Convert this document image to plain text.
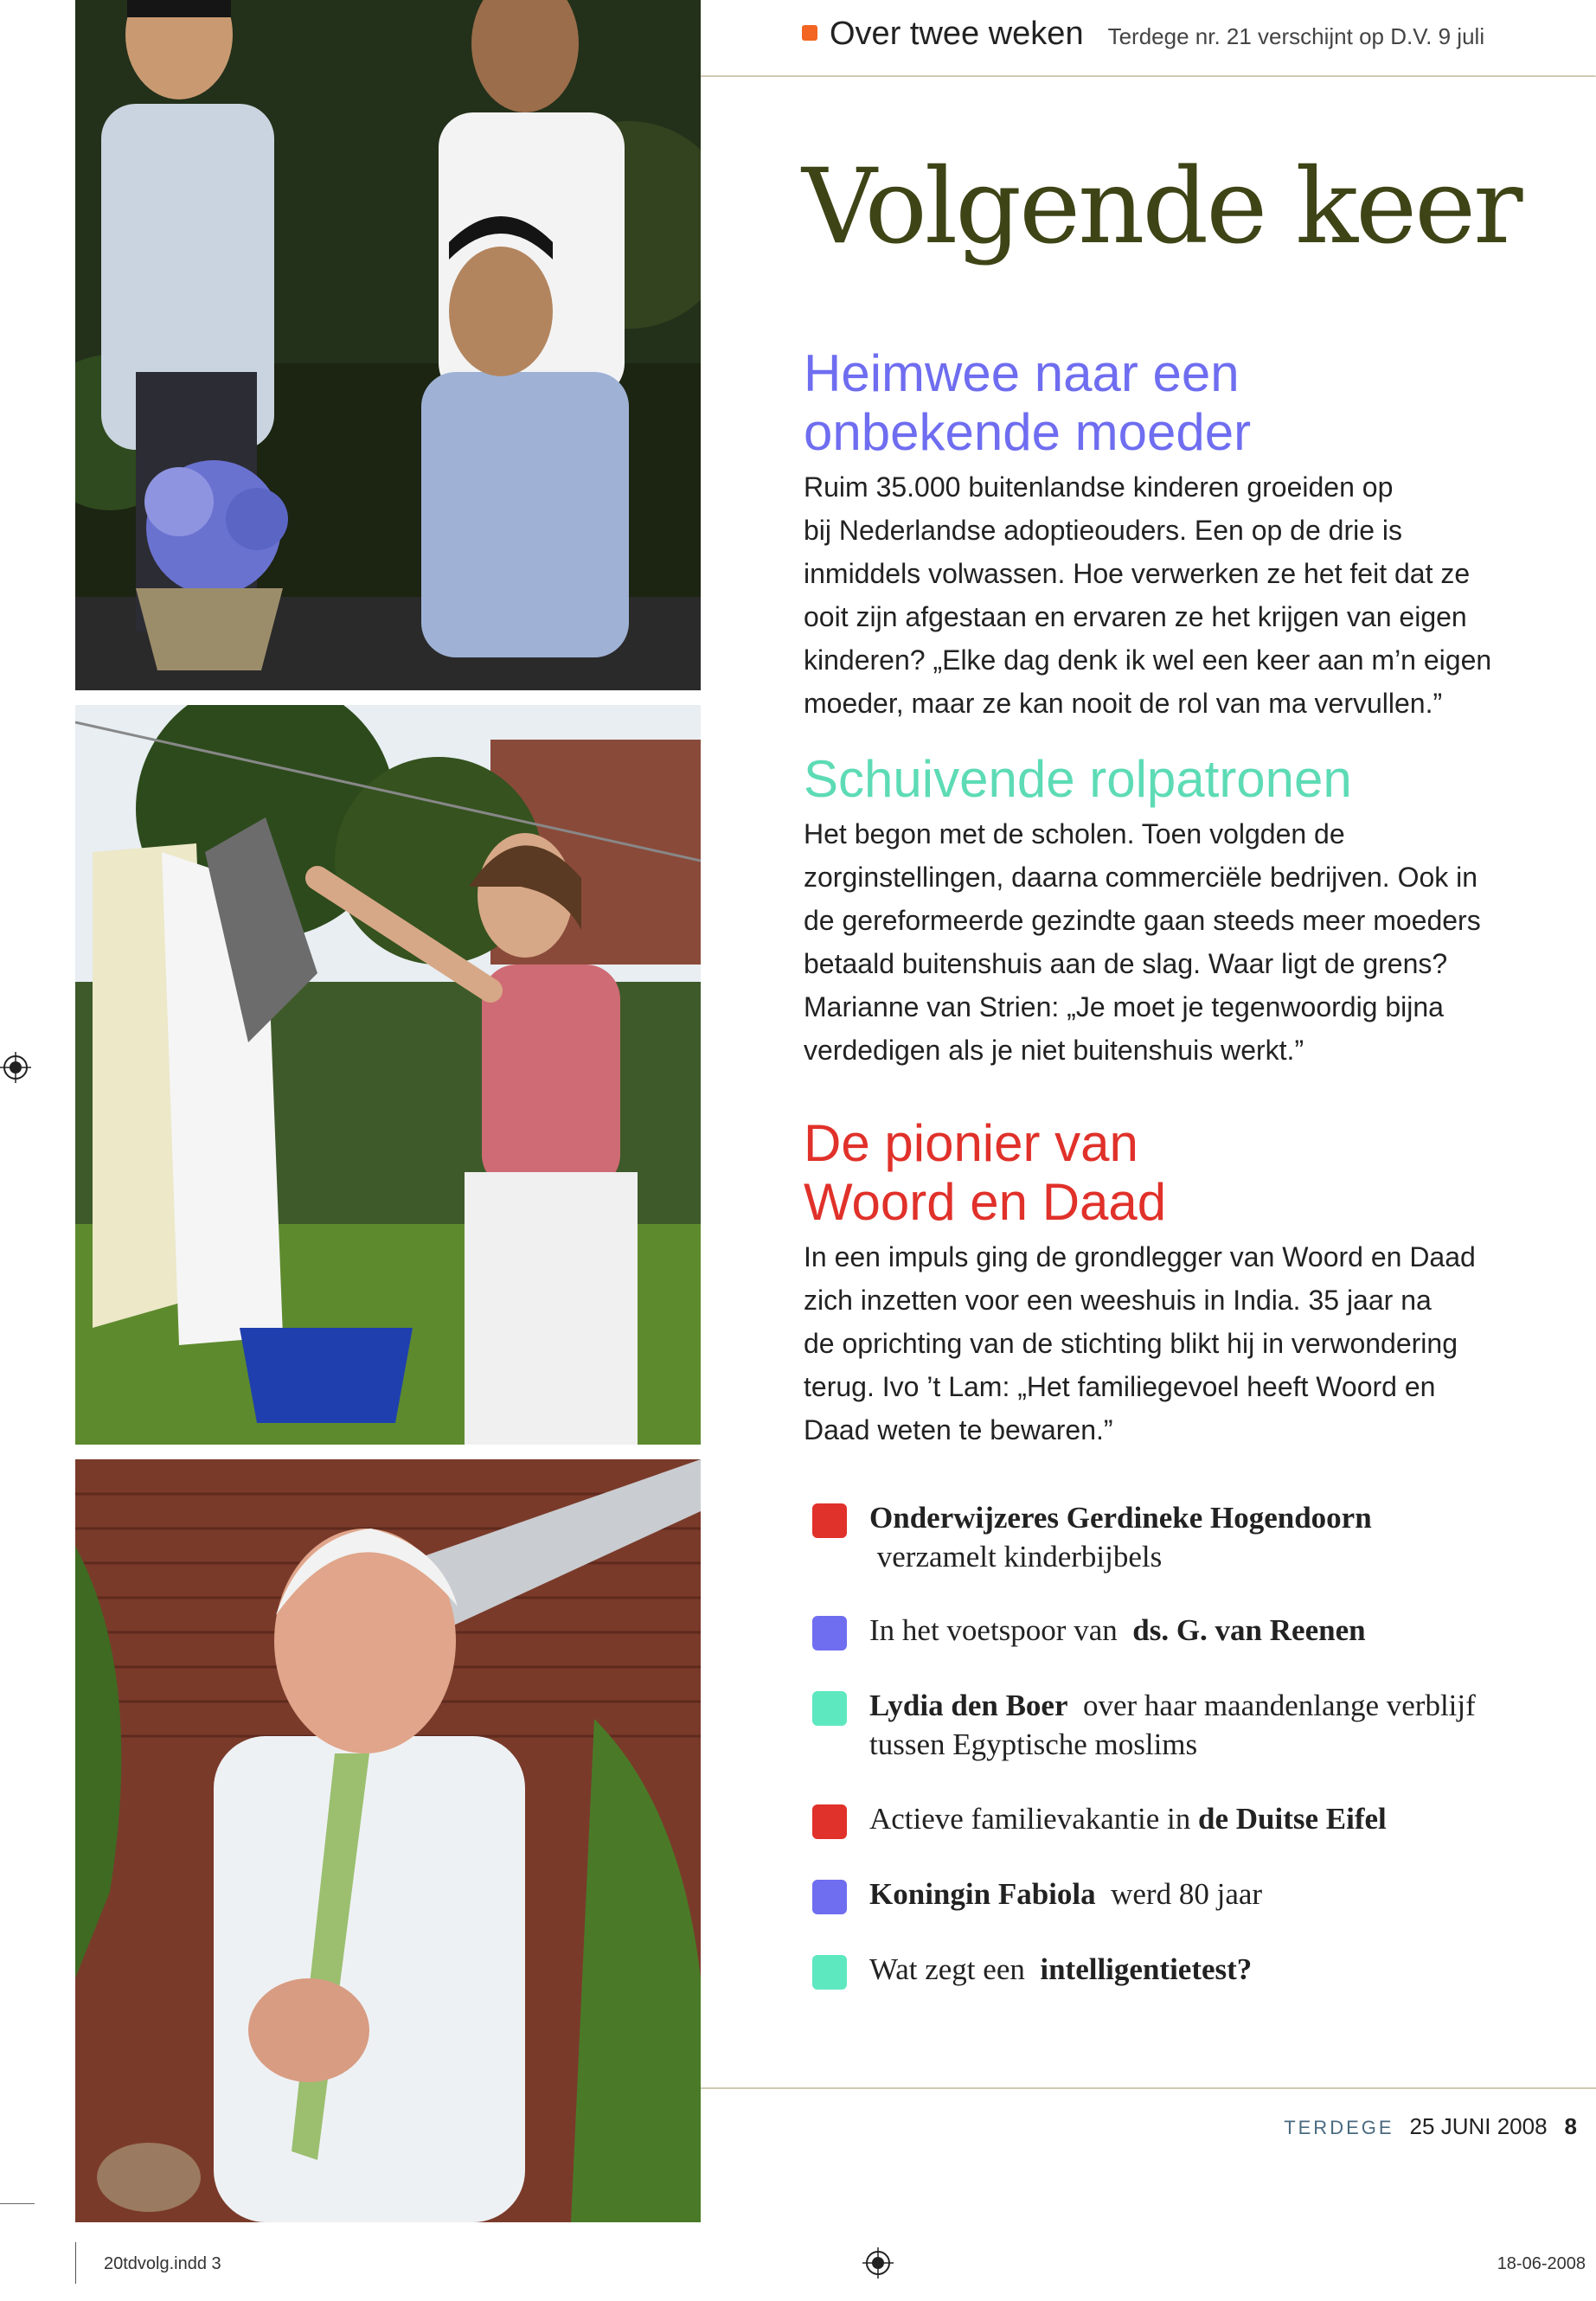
Over twee weken Terdege nr. 21 verschijnt op D.V. 9 juli
Volgende keer
Heimwee naar een
onbekende moeder

Ruim 35.000 buitenlandse kinderen groeiden op
bij Nederlandse adoptieouders. Een op de drie is
inmiddels volwassen. Hoe verwerken ze het feit dat ze
ooit zijn afgestaan en ervaren ze het krijgen van eigen
kinderen? „Elke dag denk ik wel een keer aan m’n eigen
moeder, maar ze kan nooit de rol van ma vervullen.”

Schuivende rolpatronen

Het begon met de scholen. Toen volgden de
zorginstellingen, daarna commerciële bedrijven. Ook in
de gereformeerde gezindte gaan steeds meer moeders
betaald buitenshuis aan de slag. Waar ligt de grens?
Marianne van Strien: „Je moet je tegenwoordig bijna
verdedigen als je niet buitenshuis werkt.”

De pionier van
Woord en Daad

In een impuls ging de grondlegger van Woord en Daad
zich inzetten voor een weeshuis in India. 35 jaar na
de oprichting van de stichting blikt hij in verwondering
terug. Ivo ’t Lam: „Het familiegevoel heeft Woord en
Daad weten te bewaren.”

Onderwijzeres Gerdineke Hogendoorn
verzamelt kinderbijbels
In het voetspoor van ds. G. van Reenen
Lydia den Boer over haar maandenlange verblijf
tussen Egyptische moslims
Actieve familievakantie in de Duitse Eifel
Koningin Fabiola werd 80 jaar
Wat zegt een intelligentietest?
TERDEGE 25 JUNI 2008 8
20tdvolg.indd 3	18-06-2008
